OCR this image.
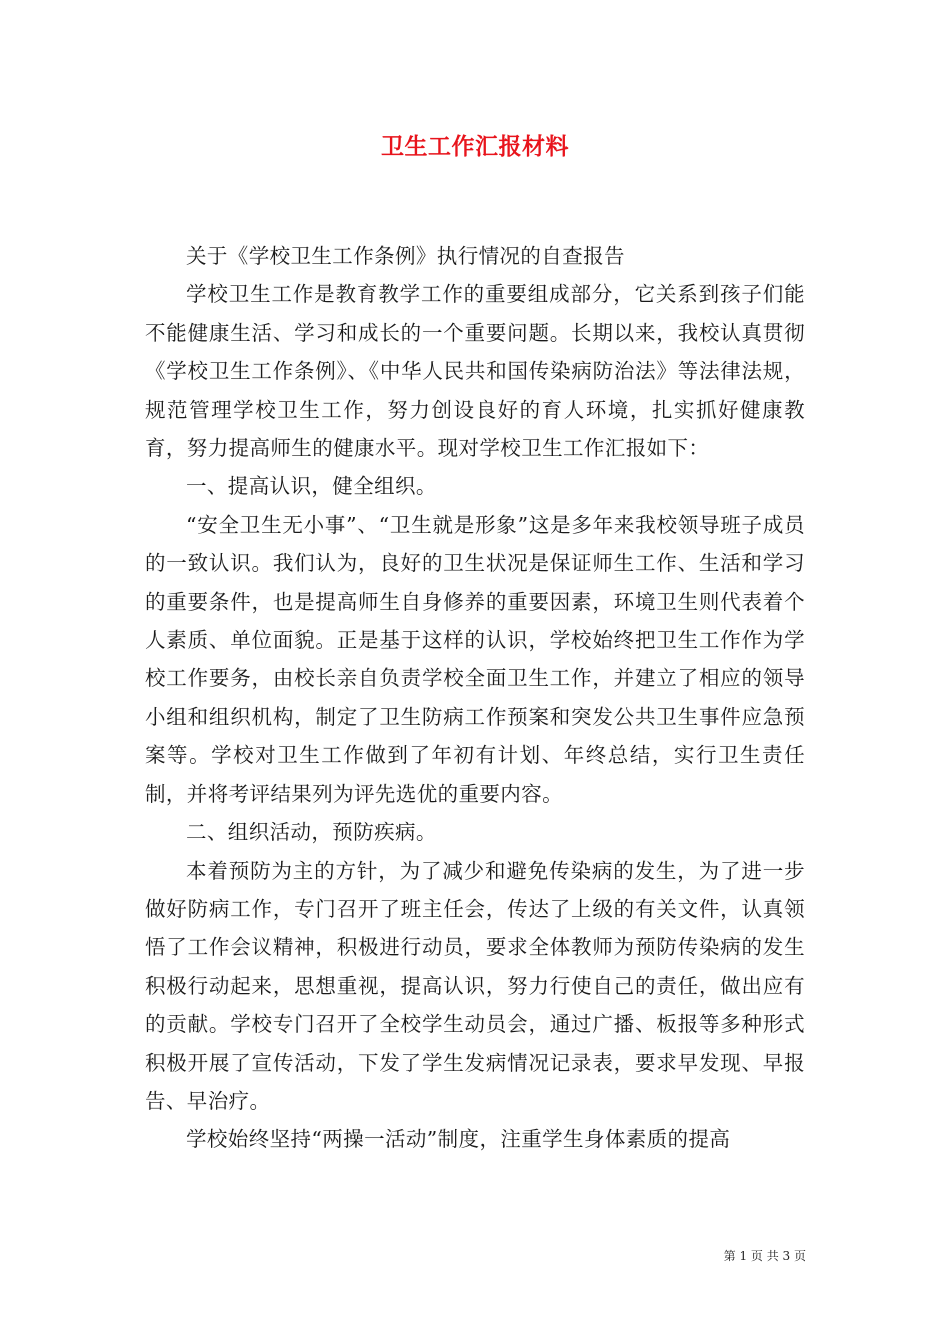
卫生工作汇报材料

关于《学校卫生工作条例》执行情况的自查报告

学校卫生工作是教育教学工作的重要组成部分，它关系到孩子们能不能健康生活、学习和成长的一个重要问题。长期以来，我校认真贯彻《学校卫生工作条例》、《中华人民共和国传染病防治法》等法律法规，规范管理学校卫生工作，努力创设良好的育人环境，扎实抓好健康教育，努力提高师生的健康水平。现对学校卫生工作汇报如下：

一、提高认识，健全组织。

“安全卫生无小事”、“卫生就是形象”这是多年来我校领导班子成员的一致认识。我们认为，良好的卫生状况是保证师生工作、生活和学习的重要条件，也是提高师生自身修养的重要因素，环境卫生则代表着个人素质、单位面貌。正是基于这样的认识，学校始终把卫生工作作为学校工作要务，由校长亲自负责学校全面卫生工作，并建立了相应的领导小组和组织机构，制定了卫生防病工作预案和突发公共卫生事件应急预案等。学校对卫生工作做到了年初有计划、年终总结，实行卫生责任制，并将考评结果列为评先选优的重要内容。

二、组织活动，预防疾病。

本着预防为主的方针，为了减少和避免传染病的发生，为了进一步做好防病工作，专门召开了班主任会，传达了上级的有关文件，认真领悟了工作会议精神，积极进行动员，要求全体教师为预防传染病的发生积极行动起来，思想重视，提高认识，努力行使自己的责任，做出应有的贡献。学校专门召开了全校学生动员会，通过广播、板报等多种形式积极开展了宣传活动，下发了学生发病情况记录表，要求早发现、早报告、早治疗。

学校始终坚持“两操一活动”制度，注重学生身体素质的提高

第 1 页 共 3 页
